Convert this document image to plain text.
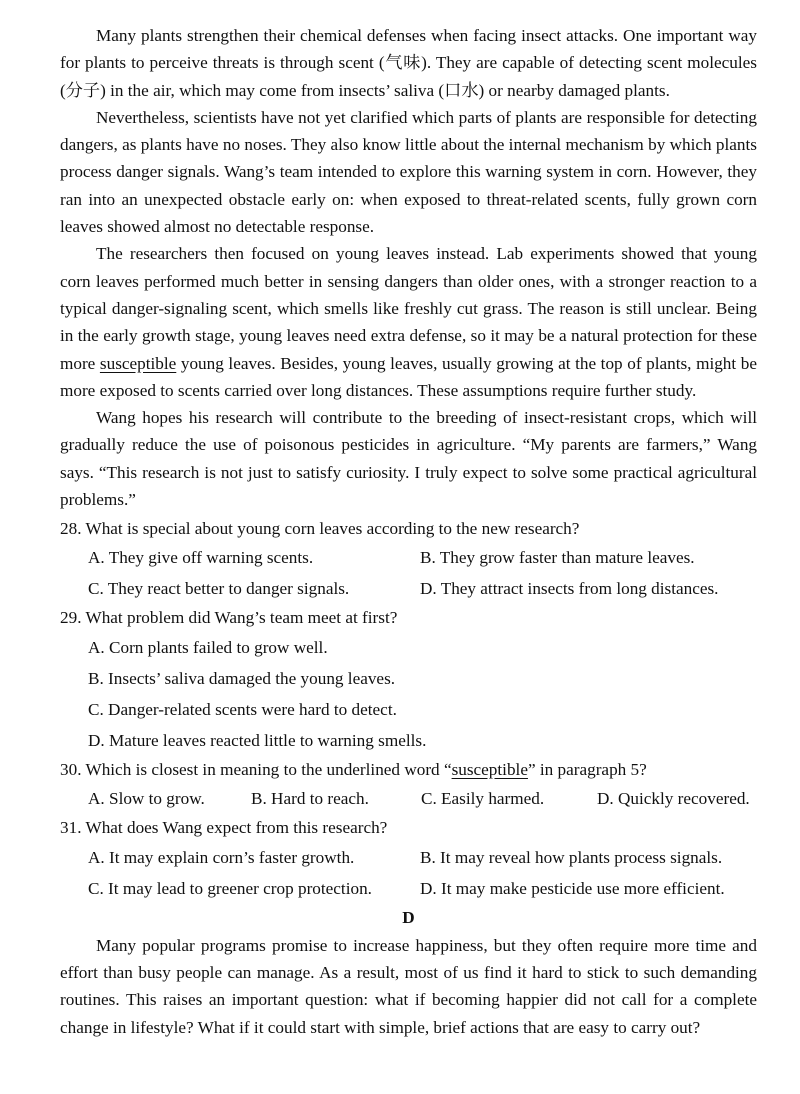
Many plants strengthen their chemical defenses when facing insect attacks. One important way for plants to perceive threats is through scent (气味). They are capable of detecting scent molecules (分子) in the air, which may come from insects’ saliva (口水) or nearby damaged plants.

Nevertheless, scientists have not yet clarified which parts of plants are responsible for detecting dangers, as plants have no noses. They also know little about the internal mechanism by which plants process danger signals. Wang’s team intended to explore this warning system in corn. However, they ran into an unexpected obstacle early on: when exposed to threat-related scents, fully grown corn leaves showed almost no detectable response.

The researchers then focused on young leaves instead. Lab experiments showed that young corn leaves performed much better in sensing dangers than older ones, with a stronger reaction to a typical danger-signaling scent, which smells like freshly cut grass. The reason is still unclear. Being in the early growth stage, young leaves need extra defense, so it may be a natural protection for these more susceptible young leaves. Besides, young leaves, usually growing at the top of plants, might be more exposed to scents carried over long distances. These assumptions require further study.

Wang hopes his research will contribute to the breeding of insect-resistant crops, which will gradually reduce the use of poisonous pesticides in agriculture. “My parents are farmers,” Wang says. “This research is not just to satisfy curiosity. I truly expect to solve some practical agricultural problems.”

28. What is special about young corn leaves according to the new research?

A. They give off warning scents.	B. They grow faster than mature leaves.
C. They react better to danger signals.	D. They attract insects from long distances.

29. What problem did Wang’s team meet at first?

A. Corn plants failed to grow well.
B. Insects’ saliva damaged the young leaves.
C. Danger-related scents were hard to detect.
D. Mature leaves reacted little to warning smells.

30. Which is closest in meaning to the underlined word “susceptible” in paragraph 5?

A. Slow to grow.	B. Hard to reach.	C. Easily harmed.	D. Quickly recovered.

31. What does Wang expect from this research?

A. It may explain corn’s faster growth.	B. It may reveal how plants process signals.
C. It may lead to greener crop protection.	D. It may make pesticide use more efficient.

D

Many popular programs promise to increase happiness, but they often require more time and effort than busy people can manage. As a result, most of us find it hard to stick to such demanding routines. This raises an important question: what if becoming happier did not call for a complete change in lifestyle? What if it could start with simple, brief actions that are easy to carry out?
